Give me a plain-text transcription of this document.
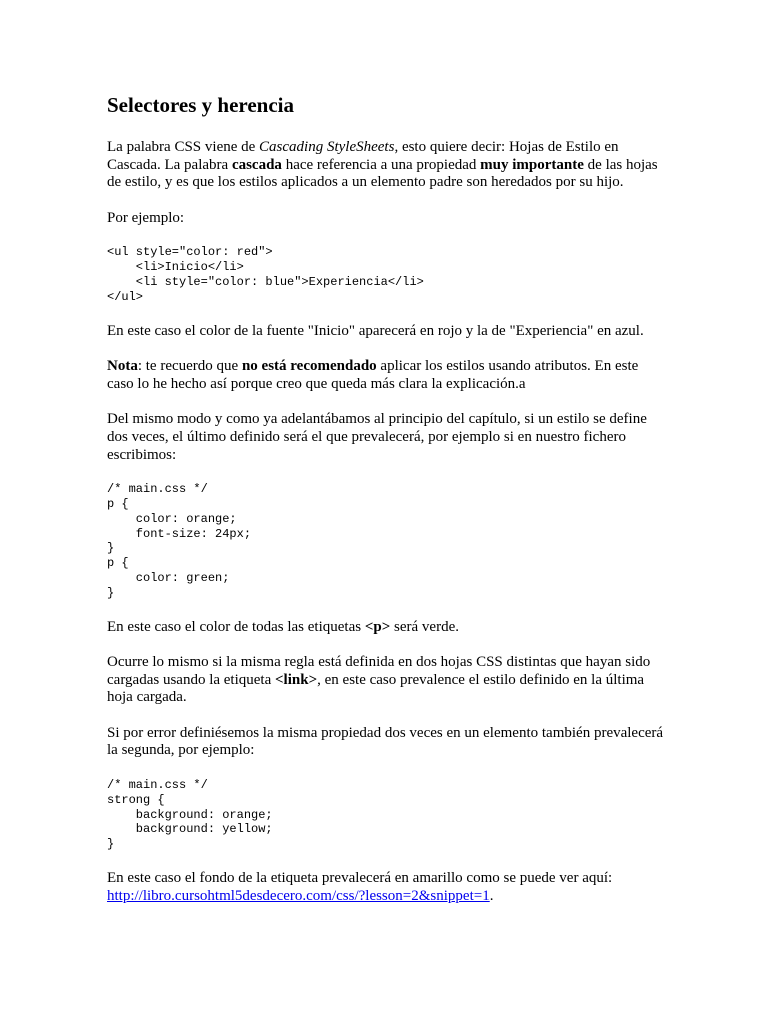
Selectores y herencia

La palabra CSS viene de Cascading StyleSheets, esto quiere decir: Hojas de Estilo en Cascada. La palabra cascada hace referencia a una propiedad muy importante de las hojas de estilo, y es que los estilos aplicados a un elemento padre son heredados por su hijo.

Por ejemplo:

<ul style="color: red">
<li>Inicio</li>
<li style="color: blue">Experiencia</li>
</ul>

En este caso el color de la fuente "Inicio" aparecerá en rojo y la de "Experiencia" en azul.

Nota: te recuerdo que no está recomendado aplicar los estilos usando atributos. En este caso lo he hecho así porque creo que queda más clara la explicación.a

Del mismo modo y como ya adelantábamos al principio del capítulo, si un estilo se define dos veces, el último definido será el que prevalecerá, por ejemplo si en nuestro fichero escribimos:

/* main.css */
p {
color: orange;
font-size: 24px;
}
p {
color: green;
}

En este caso el color de todas las etiquetas <p> será verde.

Ocurre lo mismo si la misma regla está definida en dos hojas CSS distintas que hayan sido cargadas usando la etiqueta <link>, en este caso prevalence el estilo definido en la última hoja cargada.

Si por error definiésemos la misma propiedad dos veces en un elemento también prevalecerá la segunda, por ejemplo:

/* main.css */
strong {
background: orange;
background: yellow;
}

En este caso el fondo de la etiqueta prevalecerá en amarillo como se puede ver aquí: http://libro.cursohtml5desdecero.com/css/?lesson=2&snippet=1.
